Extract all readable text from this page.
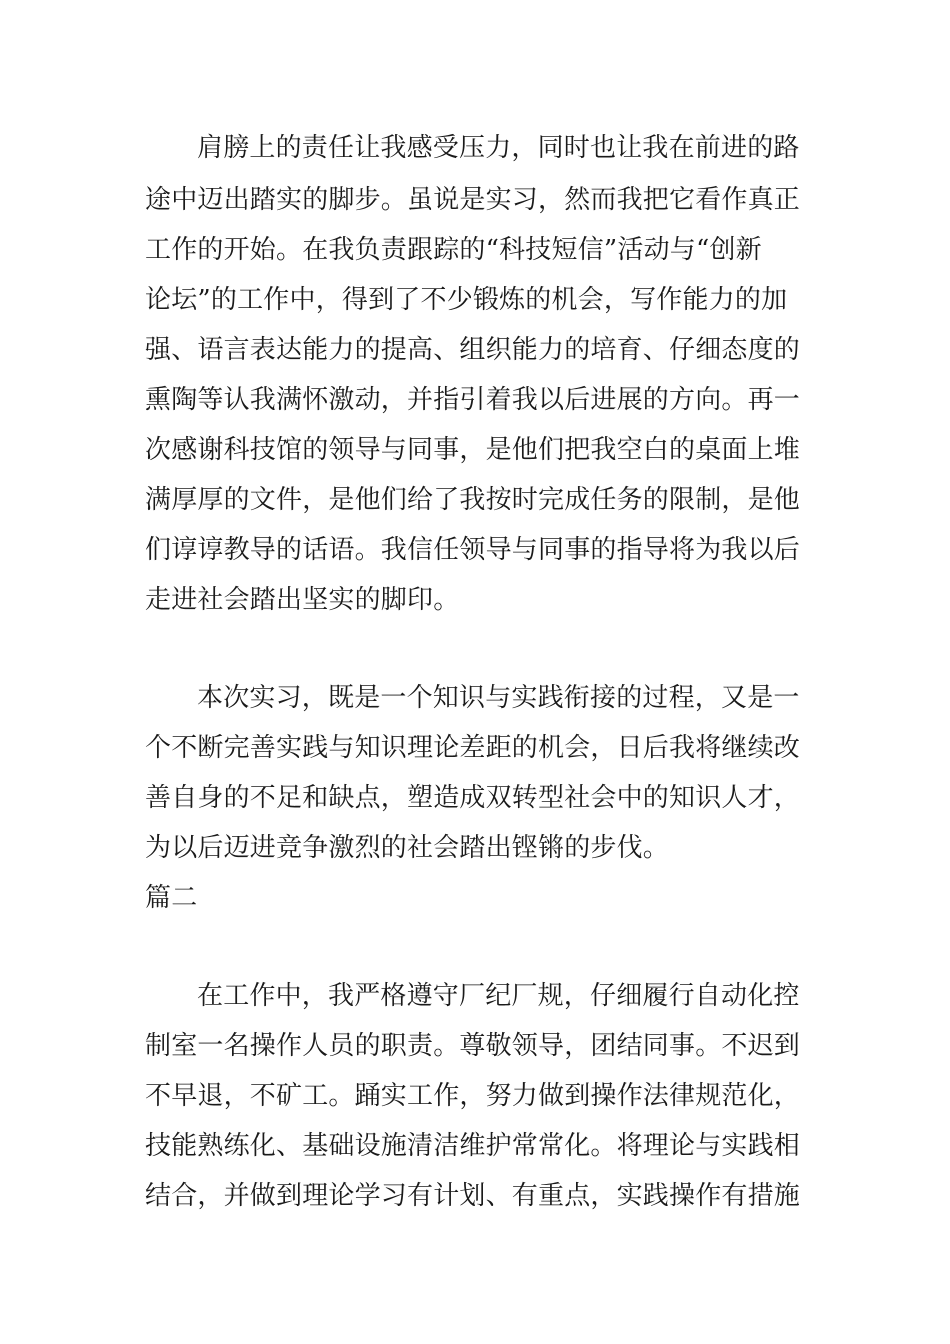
肩膀上的责任让我感受压力，同时也让我在前进的路
途中迈出踏实的脚步。虽说是实习，然而我把它看作真正
工作的开始。在我负责跟踪的“科技短信”活动与“创新
论坛”的工作中，得到了不少锻炼的机会，写作能力的加
强、语言表达能力的提高、组织能力的培育、仔细态度的
熏陶等认我满怀激动，并指引着我以后进展的方向。再一
次感谢科技馆的领导与同事，是他们把我空白的桌面上堆
满厚厚的文件，是他们给了我按时完成任务的限制，是他
们谆谆教导的话语。我信任领导与同事的指导将为我以后
走进社会踏出坚实的脚印。
本次实习，既是一个知识与实践衔接的过程，又是一
个不断完善实践与知识理论差距的机会，日后我将继续改
善自身的不足和缺点，塑造成双转型社会中的知识人才，
为以后迈进竞争激烈的社会踏出铿锵的步伐。
篇二
在工作中，我严格遵守厂纪厂规，仔细履行自动化控
制室一名操作人员的职责。尊敬领导，团结同事。不迟到
不早退，不矿工。踊实工作，努力做到操作法律规范化，
技能熟练化、基础设施清洁维护常常化。将理论与实践相
结合，并做到理论学习有计划、有重点，实践操作有措施
